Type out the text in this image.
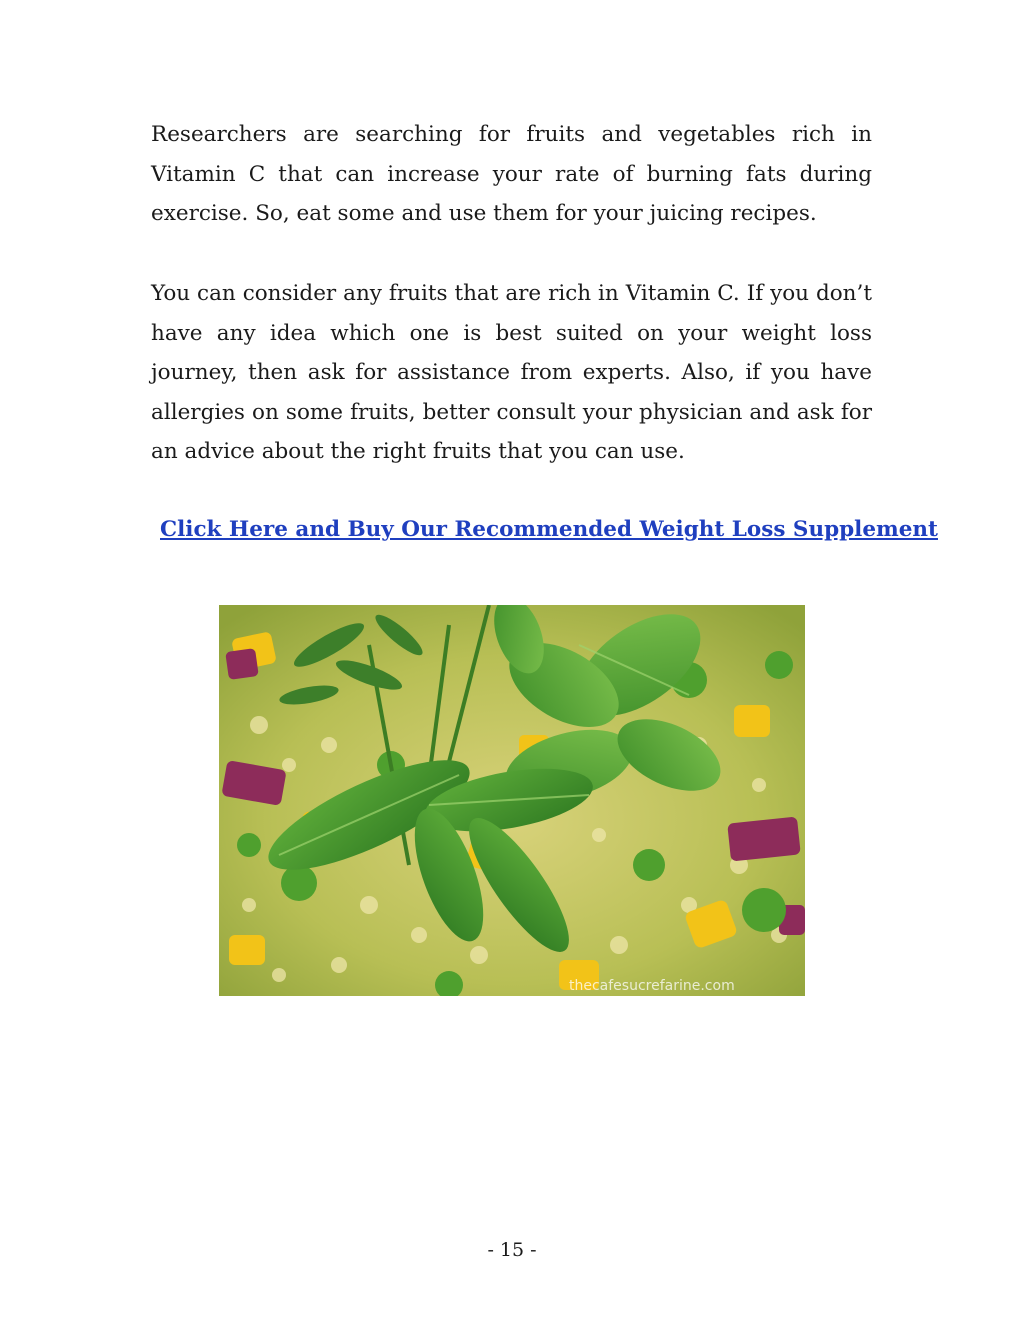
Researchers are searching for fruits and vegetables rich in Vitamin C that can increase your rate of burning fats during exercise. So, eat some and use them for your juicing recipes.

You can consider any fruits that are rich in Vitamin C. If you don’t have any idea which one is best suited on your weight loss journey, then ask for assistance from experts. Also, if you have allergies on some fruits, better consult your physician and ask for an advice about the right fruits that you can use.

Click Here and Buy Our Recommended Weight Loss Supplement
thecafesucrefarine.com
- 15 -
